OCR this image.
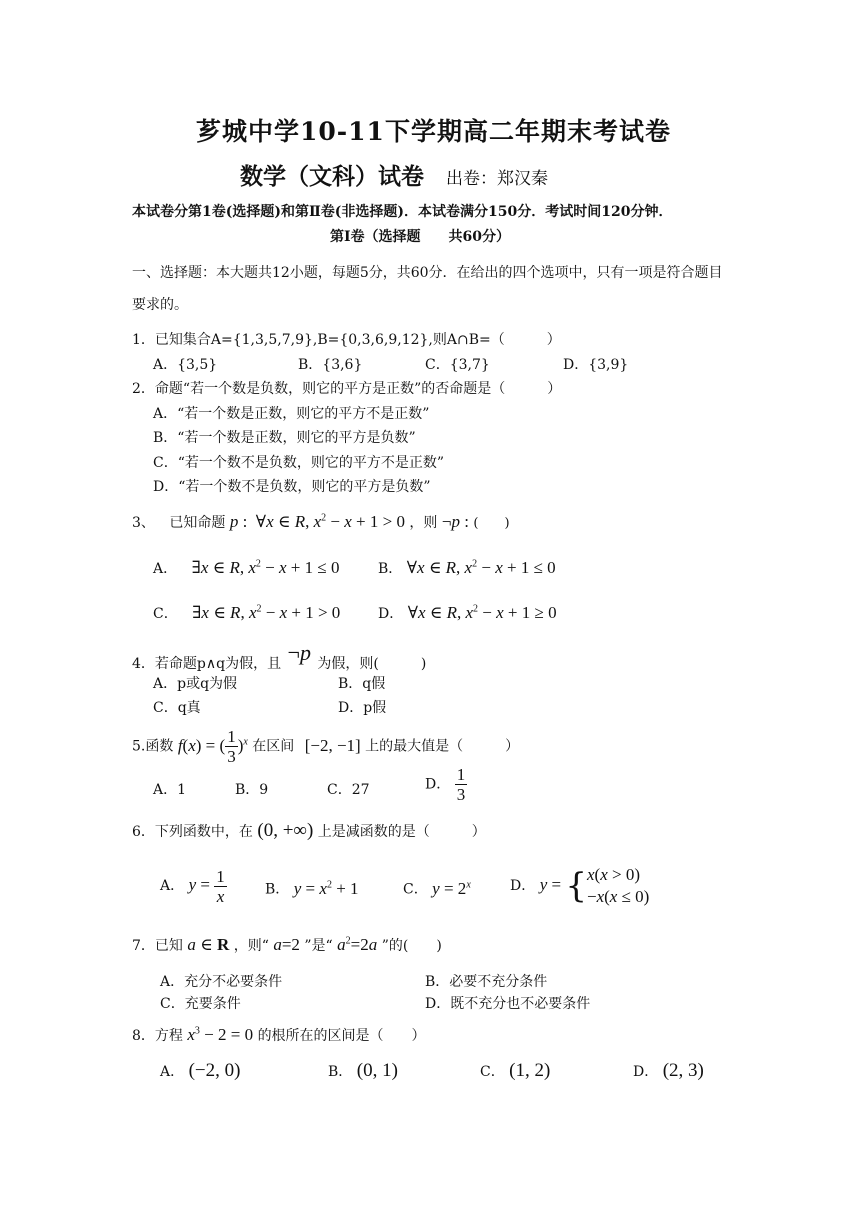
芗城中学10-11下学期高二年期末考试卷
数学（文科）试卷 出卷：郑汉秦
本试卷分第1卷(选择题)和第Ⅱ卷(非选择题)．本试卷满分150分．考试时间120分钟．
第Ⅰ卷（选择题　　共60分）
一、选择题：本大题共12小题，每题5分，共60分．在给出的四个选项中，只有一项是符合题目
要求的。
1．已知集合A={1,3,5,7,9},B={0,3,6,9,12},则A∩B=（　　　）
A．{3,5}	B．{3,6}	C．{3,7}	D．{3,9}
2．命题“若一个数是负数，则它的平方是正数”的否命题是（　　　）
A．“若一个数是正数，则它的平方不是正数”
B．“若一个数是正数，则它的平方是负数”
C．“若一个数不是负数，则它的平方不是正数”
D．“若一个数不是负数，则它的平方是负数”
3、 已知命题 p :  ∀x ∈ R, $x^2 - x + 1 > 0$ ，则 ¬p : (　　)
A． ∃x ∈ R, $x^2 - x + 1 \le 0$	B． ∀x ∈ R, $x^2 - x + 1 \le 0$
C． ∃x ∈ R, $x^2 - x + 1 > 0$	D． ∀x ∈ R, $x^2 - x + 1 \ge 0$
4．若命题p∧q为假，且 ¬p 为假，则(　　　)
A．p或q为假	B．q假
C．q真	D．p假
5.函数 f(x) = ( $\frac{1}{3} )^x$ 在区间 [−2, −1] 上的最大值是（　　　）
A．1	B．9	C．27	D． $\frac{1}{3}$
6．下列函数中，在 (0, +∞) 上是减函数的是（　　　）
A． $y = \frac{1}{x}$	B． $y = x^2 + 1$	C． $y = 2^x$	D． y = {x(x > 0)
−x(x ≤ 0)
7．已知 a ∈ R ，则“ a=2 ”是“ $a^2=2a$ ”的(　　)
A．充分不必要条件	B．必要不充分条件
C．充要条件	D．既不充分也不必要条件
8．方程 $x^3 - 2 = 0$ 的根所在的区间是（　　）
A． (−2, 0)	B． (0, 1)	C． (1, 2)	D． (2, 3)
